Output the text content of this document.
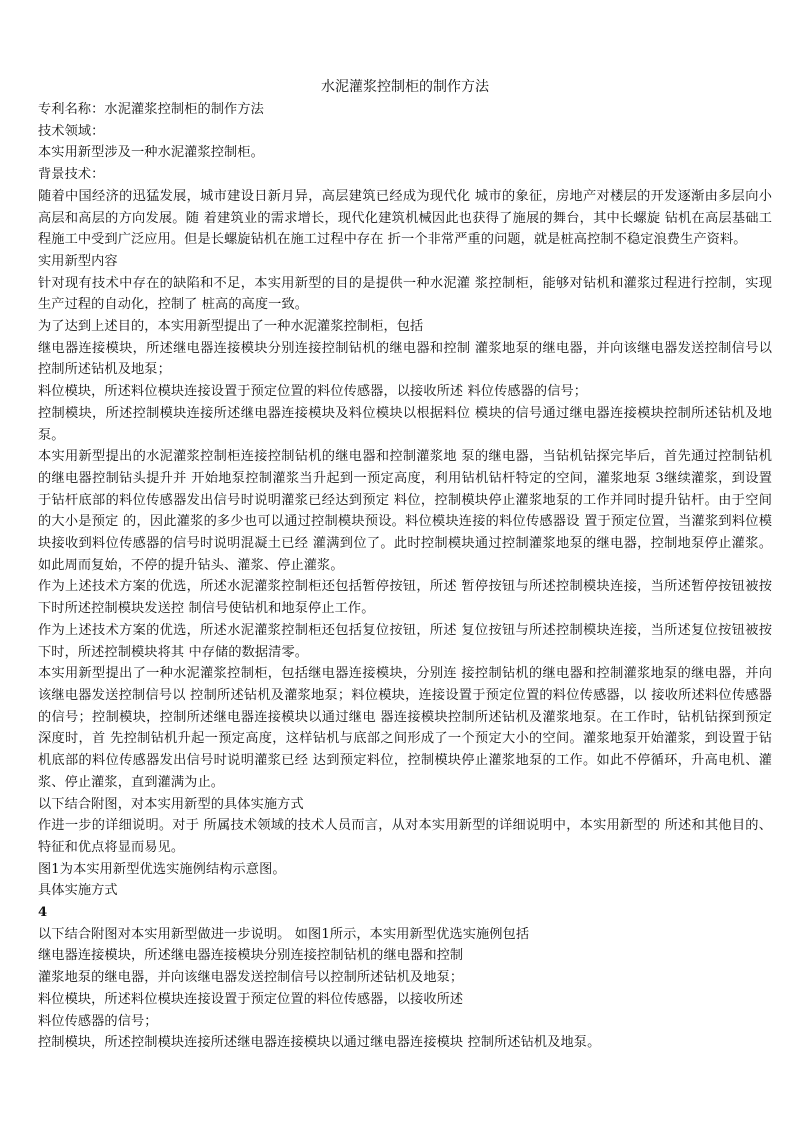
水泥灌浆控制柜的制作方法

专利名称：水泥灌浆控制柜的制作方法

技术领域：

本实用新型涉及一种水泥灌浆控制柜。

背景技术：

随着中国经济的迅猛发展，城市建设日新月异，高层建筑已经成为现代化 城市的象征，房地产对楼层的开发逐渐由多层向小高层和高层的方向发展。随 着建筑业的需求增长，现代化建筑机械因此也获得了施展的舞台，其中长螺旋 钻机在高层基础工程施工中受到广泛应用。但是长螺旋钻机在施工过程中存在 折一个非常严重的问题，就是桩高控制不稳定浪费生产资料。

实用新型内容

针对现有技术中存在的缺陷和不足，本实用新型的目的是提供一种水泥灌 浆控制柜，能够对钻机和灌浆过程进行控制，实现生产过程的自动化，控制了 桩高的高度一致。

为了达到上述目的，本实用新型提出了一种水泥灌浆控制柜，包括

继电器连接模块，所述继电器连接模块分别连接控制钻机的继电器和控制 灌浆地泵的继电器，并向该继电器发送控制信号以控制所述钻机及地泵；

料位模块，所述料位模块连接设置于预定位置的料位传感器，以接收所述 料位传感器的信号；

控制模块，所述控制模块连接所述继电器连接模块及料位模块以根据料位 模块的信号通过继电器连接模块控制所述钻机及地泵。

本实用新型提出的水泥灌浆控制柜连接控制钻机的继电器和控制灌浆地 泵的继电器，当钻机钻探完毕后，首先通过控制钻机的继电器控制钻头提升并 开始地泵控制灌浆当升起到一预定高度，利用钻机钻杆特定的空间，灌浆地泵 3继续灌浆，到设置于钻杆底部的料位传感器发出信号时说明灌浆已经达到预定 料位，控制模块停止灌浆地泵的工作并同时提升钻杆。由于空间的大小是预定 的，因此灌浆的多少也可以通过控制模块预设。料位模块连接的料位传感器设 置于预定位置，当灌浆到料位模块接收到料位传感器的信号时说明混凝土已经 灌满到位了。此时控制模块通过控制灌浆地泵的继电器，控制地泵停止灌浆。 如此周而复始，不停的提升钻头、灌浆、停止灌浆。

作为上述技术方案的优选，所述水泥灌浆控制柜还包括暂停按钮，所述 暂停按钮与所述控制模块连接，当所述暂停按钮被按下时所述控制模块发送控 制信号使钻机和地泵停止工作。

作为上述技术方案的优选，所述水泥灌浆控制柜还包括复位按钮，所述 复位按钮与所述控制模块连接，当所述复位按钮被按下时，所述控制模块将其 中存储的数据清零。

本实用新型提出了一种水泥灌浆控制柜，包括继电器连接模块，分别连 接控制钻机的继电器和控制灌浆地泵的继电器，并向该继电器发送控制信号以 控制所述钻机及灌浆地泵；料位模块，连接设置于预定位置的料位传感器，以 接收所述料位传感器的信号；控制模块，控制所述继电器连接模块以通过继电 器连接模块控制所述钻机及灌浆地泵。在工作时，钻机钻探到预定深度时，首 先控制钻机升起一预定高度，这样钻机与底部之间形成了一个预定大小的空间。灌浆地泵开始灌浆，到设置于钻机底部的料位传感器发出信号时说明灌浆已经 达到预定料位，控制模块停止灌浆地泵的工作。如此不停循环，升高电机、灌 浆、停止灌浆，直到灌满为止。

以下结合附图，对本实用新型的具体实施方式

作进一步的详细说明。对于 所属技术领域的技术人员而言，从对本实用新型的详细说明中，本实用新型的 所述和其他目的、特征和优点将显而易见。

图1为本实用新型优选实施例结构示意图。

具体实施方式

4

以下结合附图对本实用新型做进一步说明。 如图1所示，本实用新型优选实施例包括

继电器连接模块，所述继电器连接模块分别连接控制钻机的继电器和控制

灌浆地泵的继电器，并向该继电器发送控制信号以控制所述钻机及地泵；

料位模块，所述料位模块连接设置于预定位置的料位传感器，以接收所述

料位传感器的信号；

控制模块，所述控制模块连接所述继电器连接模块以通过继电器连接模块 控制所述钻机及地泵。
